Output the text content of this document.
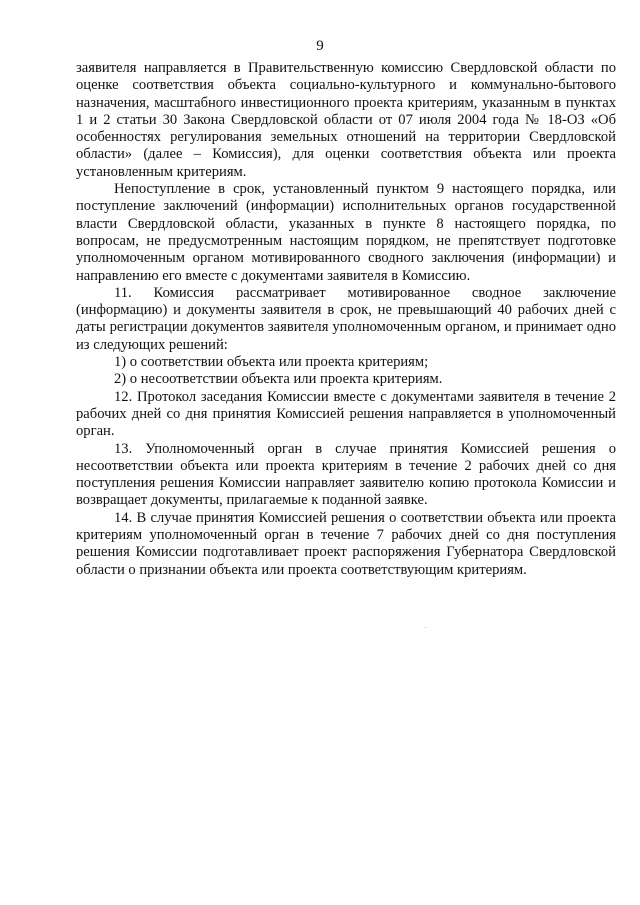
9

заявителя направляется в Правительственную комиссию Свердловской области по оценке соответствия объекта социально-культурного и коммунально-бытового назначения, масштабного инвестиционного проекта критериям, указанным в пунктах 1 и 2 статьи 30 Закона Свердловской области от 07 июля 2004 года № 18-ОЗ «Об особенностях регулирования земельных отношений на территории Свердловской области» (далее – Комиссия), для оценки соответствия объекта или проекта установленным критериям.

Непоступление в срок, установленный пунктом 9 настоящего порядка, или поступление заключений (информации) исполнительных органов государственной власти Свердловской области, указанных в пункте 8 настоящего порядка, по вопросам, не предусмотренным настоящим порядком, не препятствует подготовке уполномоченным органом мотивированного сводного заключения (информации) и направлению его вместе с документами заявителя в Комиссию.

11. Комиссия рассматривает мотивированное сводное заключение (информацию) и документы заявителя в срок, не превышающий 40 рабочих дней с даты регистрации документов заявителя уполномоченным органом, и принимает одно из следующих решений:

1) о соответствии объекта или проекта критериям;

2) о несоответствии объекта или проекта критериям.

12. Протокол заседания Комиссии вместе с документами заявителя в течение 2 рабочих дней со дня принятия Комиссией решения направляется в уполномоченный орган.

13. Уполномоченный орган в случае принятия Комиссией решения о несоответствии объекта или проекта критериям в течение 2 рабочих дней со дня поступления решения Комиссии направляет заявителю копию протокола Комиссии и возвращает документы, прилагаемые к поданной заявке.

14. В случае принятия Комиссией решения о соответствии объекта или проекта критериям уполномоченный орган в течение 7 рабочих дней со дня поступления решения Комиссии подготавливает проект распоряжения Губернатора Свердловской области о признании объекта или проекта соответствующим критериям.
